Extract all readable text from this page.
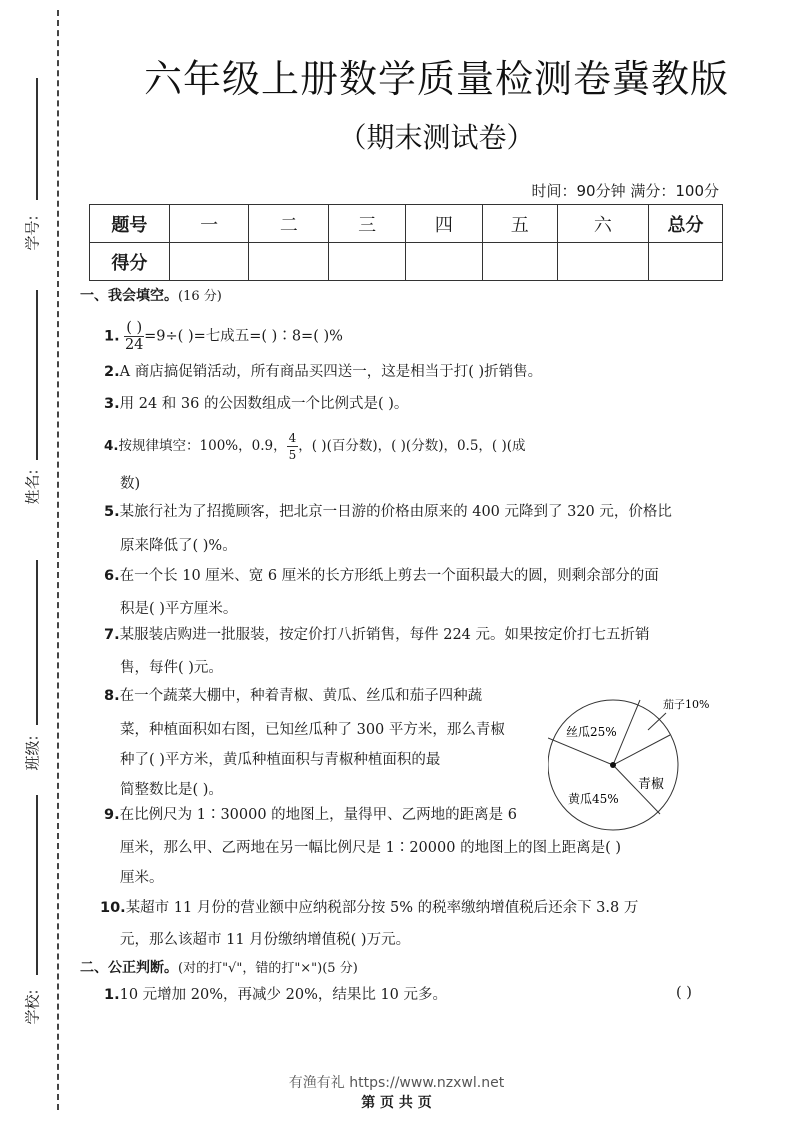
学号:
姓名:
班级:
学校:
六年级上册数学质量检测卷冀教版
（期末测试卷）
时间：90分钟 满分：100分
题号	一	二	三	四	五	六	总分
得分							
一、我会填空。(16 分)
1. $\frac{( )}{24} =9\div$( )=七成五=( )∶8=( )%
2.A 商店搞促销活动，所有商品买四送一，这是相当于打( )折销售。
3.用 24 和 36 的公因数组成一个比例式是( )。
4.按规律填空：100%，0.9， $\frac{4}{5}$ ，( )(百分数)，( )(分数)，0.5，( )(成
数)
5.某旅行社为了招揽顾客，把北京一日游的价格由原来的 400 元降到了 320 元，价格比
原来降低了( )%。
6.在一个长 10 厘米、宽 6 厘米的长方形纸上剪去一个面积最大的圆，则剩余部分的面
积是( )平方厘米。
7.某服装店购进一批服装，按定价打八折销售，每件 224 元。如果按定价打七五折销
售，每件( )元。
8.在一个蔬菜大棚中，种着青椒、黄瓜、丝瓜和茄子四种蔬
菜，种植面积如右图，已知丝瓜种了 300 平方米，那么青椒
种了( )平方米，黄瓜种植面积与青椒种植面积的最
简整数比是( )。
丝瓜25%
茄子10%
青椒
黄瓜45%
9.在比例尺为 1∶30000 的地图上，量得甲、乙两地的距离是 6
厘米，那么甲、乙两地在另一幅比例尺是 1∶20000 的地图上的图上距离是( )
厘米。
10.某超市 11 月份的营业额中应纳税部分按 5% 的税率缴纳增值税后还余下 3.8 万
元，那么该超市 11 月份缴纳增值税( )万元。
二、公正判断。(对的打"√"，错的打"×")(5 分)
1.10 元增加 20%，再减少 20%，结果比 10 元多。	( )
有渔有礼 https://www.nzxwl.net
第 页 共 页
